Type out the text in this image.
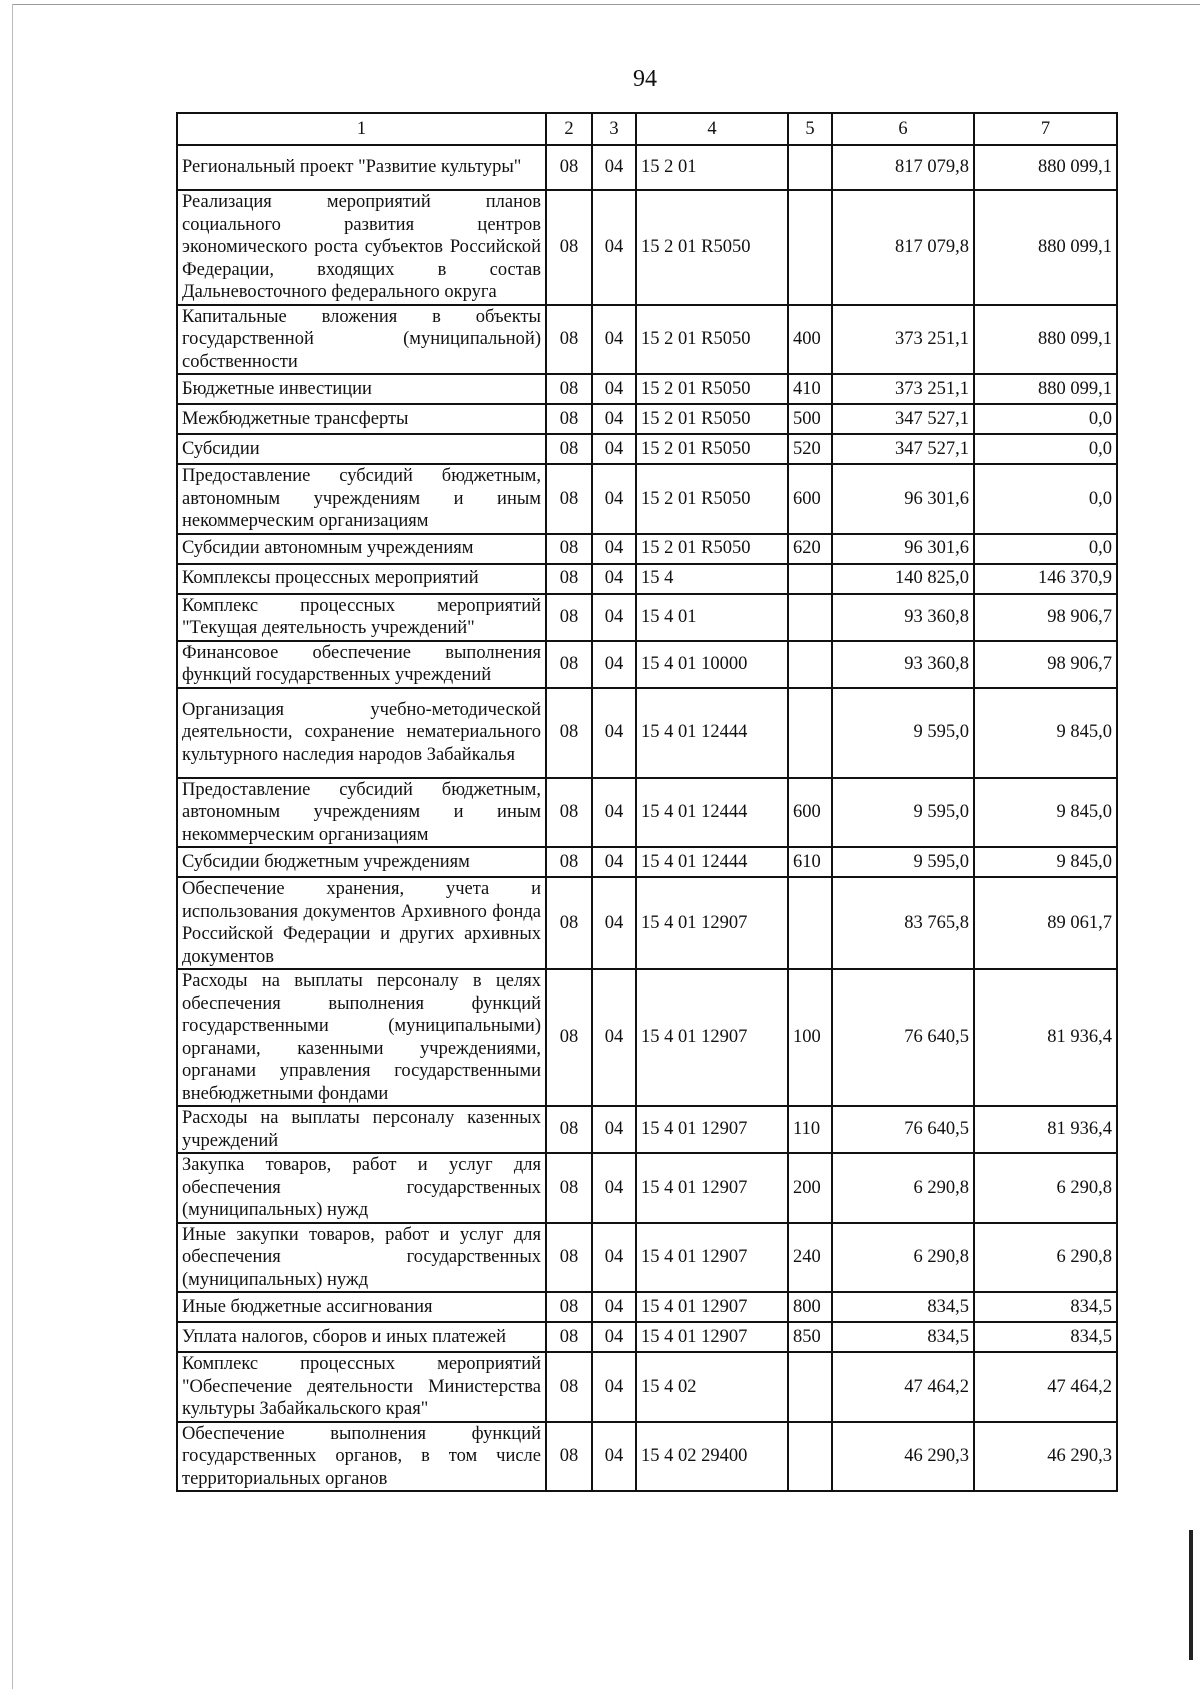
94
1	2	3	4	5	6	7
Региональный проект "Развитие культуры"	08	04	15 2 01		817 079,8	880 099,1
Реализация мероприятий планов социального развития центров экономического роста субъектов Российской Федерации, входящих в состав Дальневосточного федерального округа	08	04	15 2 01 R5050		817 079,8	880 099,1
Капитальные вложения в объекты государственной (муниципальной) собственности	08	04	15 2 01 R5050	400	373 251,1	880 099,1
Бюджетные инвестиции	08	04	15 2 01 R5050	410	373 251,1	880 099,1
Межбюджетные трансферты	08	04	15 2 01 R5050	500	347 527,1	0,0
Субсидии	08	04	15 2 01 R5050	520	347 527,1	0,0
Предоставление субсидий бюджетным, автономным учреждениям и иным некоммерческим организациям	08	04	15 2 01 R5050	600	96 301,6	0,0
Субсидии автономным учреждениям	08	04	15 2 01 R5050	620	96 301,6	0,0
Комплексы процессных мероприятий	08	04	15 4		140 825,0	146 370,9
Комплекс процессных мероприятий "Текущая деятельность учреждений"	08	04	15 4 01		93 360,8	98 906,7
Финансовое обеспечение выполнения функций государственных учреждений	08	04	15 4 01 10000		93 360,8	98 906,7
Организация учебно-методической деятельности, сохранение нематериального культурного наследия народов Забайкалья	08	04	15 4 01 12444		9 595,0	9 845,0
Предоставление субсидий бюджетным, автономным учреждениям и иным некоммерческим организациям	08	04	15 4 01 12444	600	9 595,0	9 845,0
Субсидии бюджетным учреждениям	08	04	15 4 01 12444	610	9 595,0	9 845,0
Обеспечение хранения, учета и использования документов Архивного фонда Российской Федерации и других архивных документов	08	04	15 4 01 12907		83 765,8	89 061,7
Расходы на выплаты персоналу в целях обеспечения выполнения функций государственными (муниципальными) органами, казенными учреждениями, органами управления государственными внебюджетными фондами	08	04	15 4 01 12907	100	76 640,5	81 936,4
Расходы на выплаты персоналу казенных учреждений	08	04	15 4 01 12907	110	76 640,5	81 936,4
Закупка товаров, работ и услуг для обеспечения государственных (муниципальных) нужд	08	04	15 4 01 12907	200	6 290,8	6 290,8
Иные закупки товаров, работ и услуг для обеспечения государственных (муниципальных) нужд	08	04	15 4 01 12907	240	6 290,8	6 290,8
Иные бюджетные ассигнования	08	04	15 4 01 12907	800	834,5	834,5
Уплата налогов, сборов и иных платежей	08	04	15 4 01 12907	850	834,5	834,5
Комплекс процессных мероприятий "Обеспечение деятельности Министерства культуры Забайкальского края"	08	04	15 4 02		47 464,2	47 464,2
Обеспечение выполнения функций государственных органов, в том числе территориальных органов	08	04	15 4 02 29400		46 290,3	46 290,3
